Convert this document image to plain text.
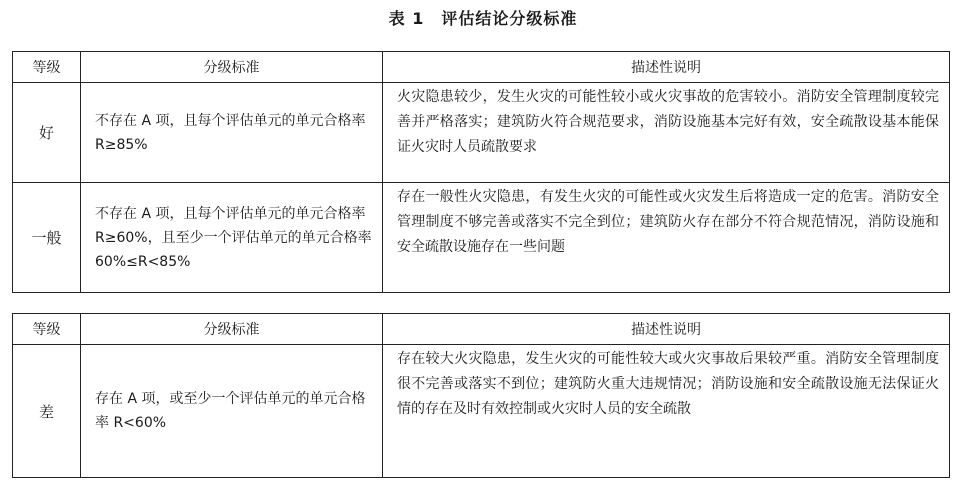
表 1　评估结论分级标准
等级	分级标准	描述性说明
好	不存在 A 项，且每个评估单元的单元合格率 R≥85%	火灾隐患较少，发生火灾的可能性较小或火灾事故的危害较小。消防安全管理制度较完善并严格落实；建筑防火符合规范要求，消防设施基本完好有效，安全疏散设基本能保证火灾时人员疏散要求
一般	不存在 A 项，且每个评估单元的单元合格率 R≥60%，且至少一个评估单元的单元合格率 60%≤R<85%	存在一般性火灾隐患，有发生火灾的可能性或火灾发生后将造成一定的危害。消防安全管理制度不够完善或落实不完全到位；建筑防火存在部分不符合规范情况，消防设施和安全疏散设施存在一些问题
等级	分级标准	描述性说明
差	存在 A 项，或至少一个评估单元的单元合格率 R<60%	存在较大火灾隐患，发生火灾的可能性较大或火灾事故后果较严重。消防安全管理制度很不完善或落实不到位；建筑防火重大违规情况；消防设施和安全疏散设施无法保证火情的存在及时有效控制或火灾时人员的安全疏散
